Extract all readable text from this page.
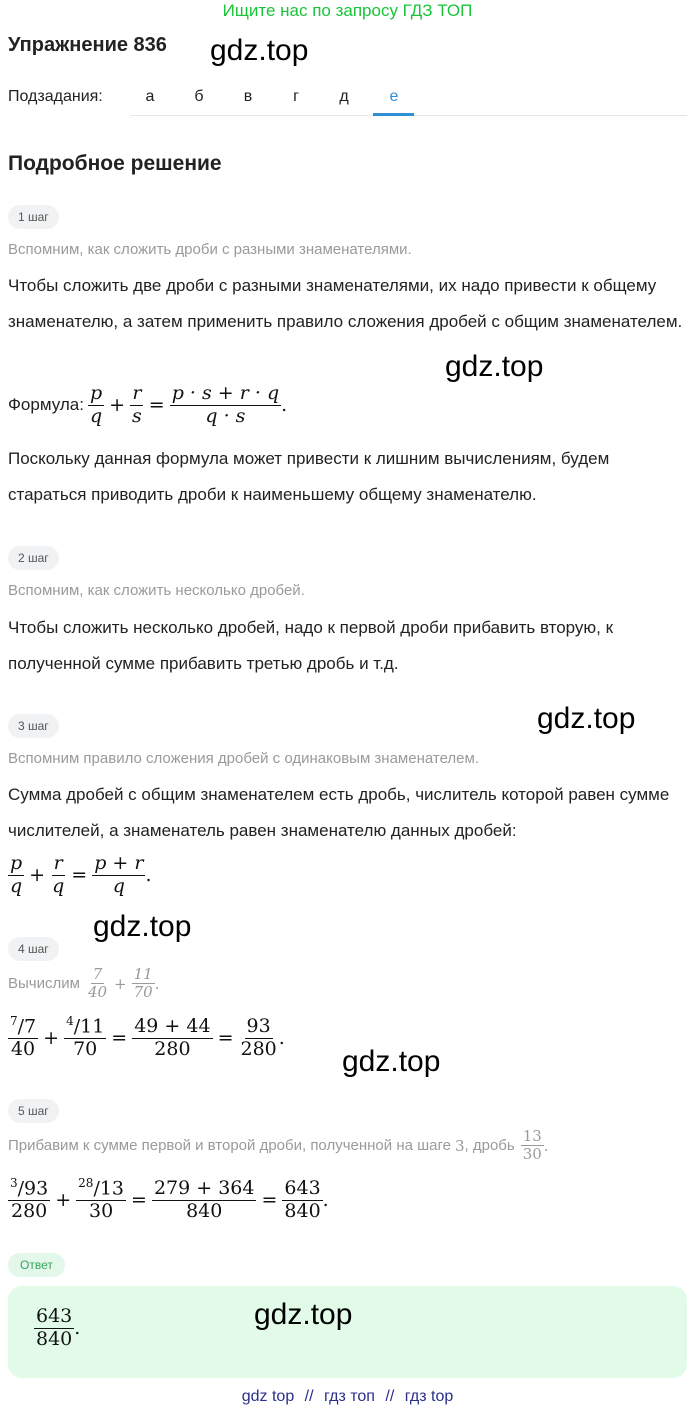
Ищите нас по запросу ГДЗ ТОП
Упражнение 836 gdz.top
Подзадания:	а	б	в	г	д	е
Подробное решение
1 шаг
Вспомним, как сложить дроби с разными знаменателями.
Чтобы сложить две дроби с разными знаменателями, их надо привести к общему знаменателю, а затем применить правило сложения дробей с общим знаменателем.
gdz.top
Формула: $\frac{p}{q} + \frac{r}{s} = \frac{p \cdot s + r \cdot q}{q \cdot s}$ .
Поскольку данная формула может привести к лишним вычислениям, будем стараться приводить дроби к наименьшему общему знаменателю.
2 шаг
Вспомним, как сложить несколько дробей.
Чтобы сложить несколько дробей, надо к первой дроби прибавить вторую, к полученной сумме прибавить третью дробь и т.д.
gdz.top
3 шаг
Вспомним правило сложения дробей с одинаковым знаменателем.
Сумма дробей с общим знаменателем есть дробь, числитель которой равен сумме числителей, а знаменатель равен знаменателю данных дробей:
$\frac{p}{q} + \frac{r}{q} = \frac{p + r}{q}$ .
gdz.top
4 шаг
Вычислим $\frac{7}{40} + \frac{11}{70}$ .
$\frac{^7/7}{40} + \frac{^4/11}{70} = \frac{49 + 44}{280} = \frac{93}{280}$ .
gdz.top
5 шаг
Прибавим к сумме первой и второй дроби, полученной на шаге 3 , дробь $\frac{13}{30}$ .
$\frac{^3/93}{280} + \frac{^{28}/13}{30} = \frac{279 + 364}{840} = \frac{643}{840}$ .
Ответ
$\frac{643}{840}$ .	gdz.top
gdz top // гдз топ // гдз top
